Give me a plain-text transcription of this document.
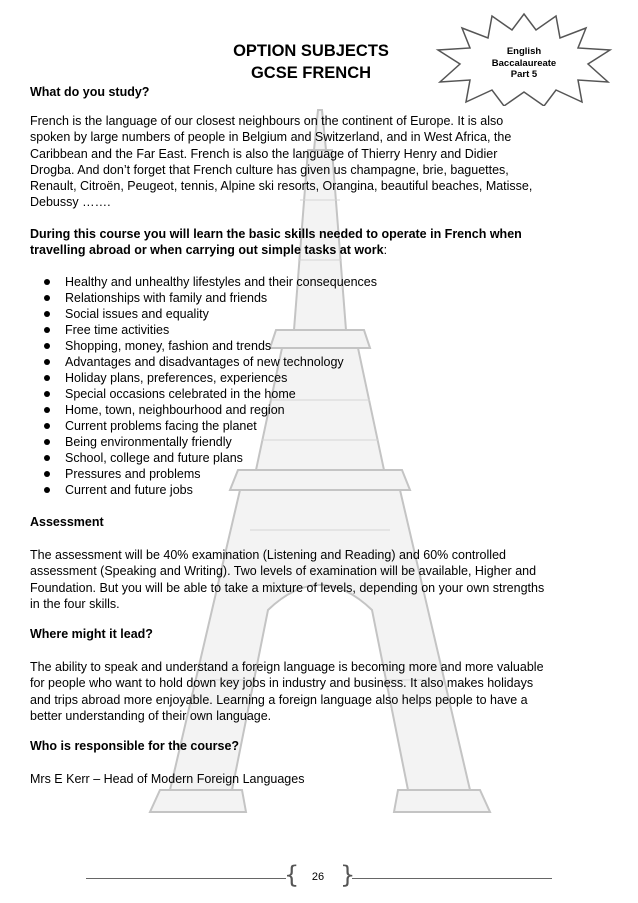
English
Baccalaureate
Part 5
OPTION SUBJECTS
GCSE FRENCH
What do you study?
French is the language of our closest neighbours on the continent of Europe. It is also
spoken by large numbers of people in Belgium and Switzerland, and in West Africa, the
Caribbean and the Far East. French is also the language of Thierry Henry and Didier
Drogba. And don’t forget that French culture has given us champagne, brie, baguettes,
Renault, Citroën, Peugeot, tennis, Alpine ski resorts, Orangina, beautiful beaches, Matisse,
Debussy …….
During this course you will learn the basic skills needed to operate in French when
travelling abroad or when carrying out simple tasks at work:
Healthy and unhealthy lifestyles and their consequences
Relationships with family and friends
Social issues and equality
Free time activities
Shopping, money, fashion and trends
Advantages and disadvantages of new technology
Holiday plans, preferences, experiences
Special occasions celebrated in the home
Home, town, neighbourhood and region
Current problems facing the planet
Being environmentally friendly
School, college and future plans
Pressures and problems
Current and future jobs
Assessment
The assessment will be 40% examination (Listening and Reading) and 60% controlled
assessment (Speaking and Writing). Two levels of examination will be available, Higher and
Foundation. But you will be able to take a mixture of levels, depending on your own strengths
in the four skills.
Where might it lead?
The ability to speak and understand a foreign language is becoming more and more valuable
for people who want to hold down key jobs in industry and business. It also makes holidays
and trips abroad more enjoyable. Learning a foreign language also helps people to have a
better understanding of their own language.
Who is responsible for the course?
Mrs E Kerr – Head of Modern Foreign Languages
{ }
26
